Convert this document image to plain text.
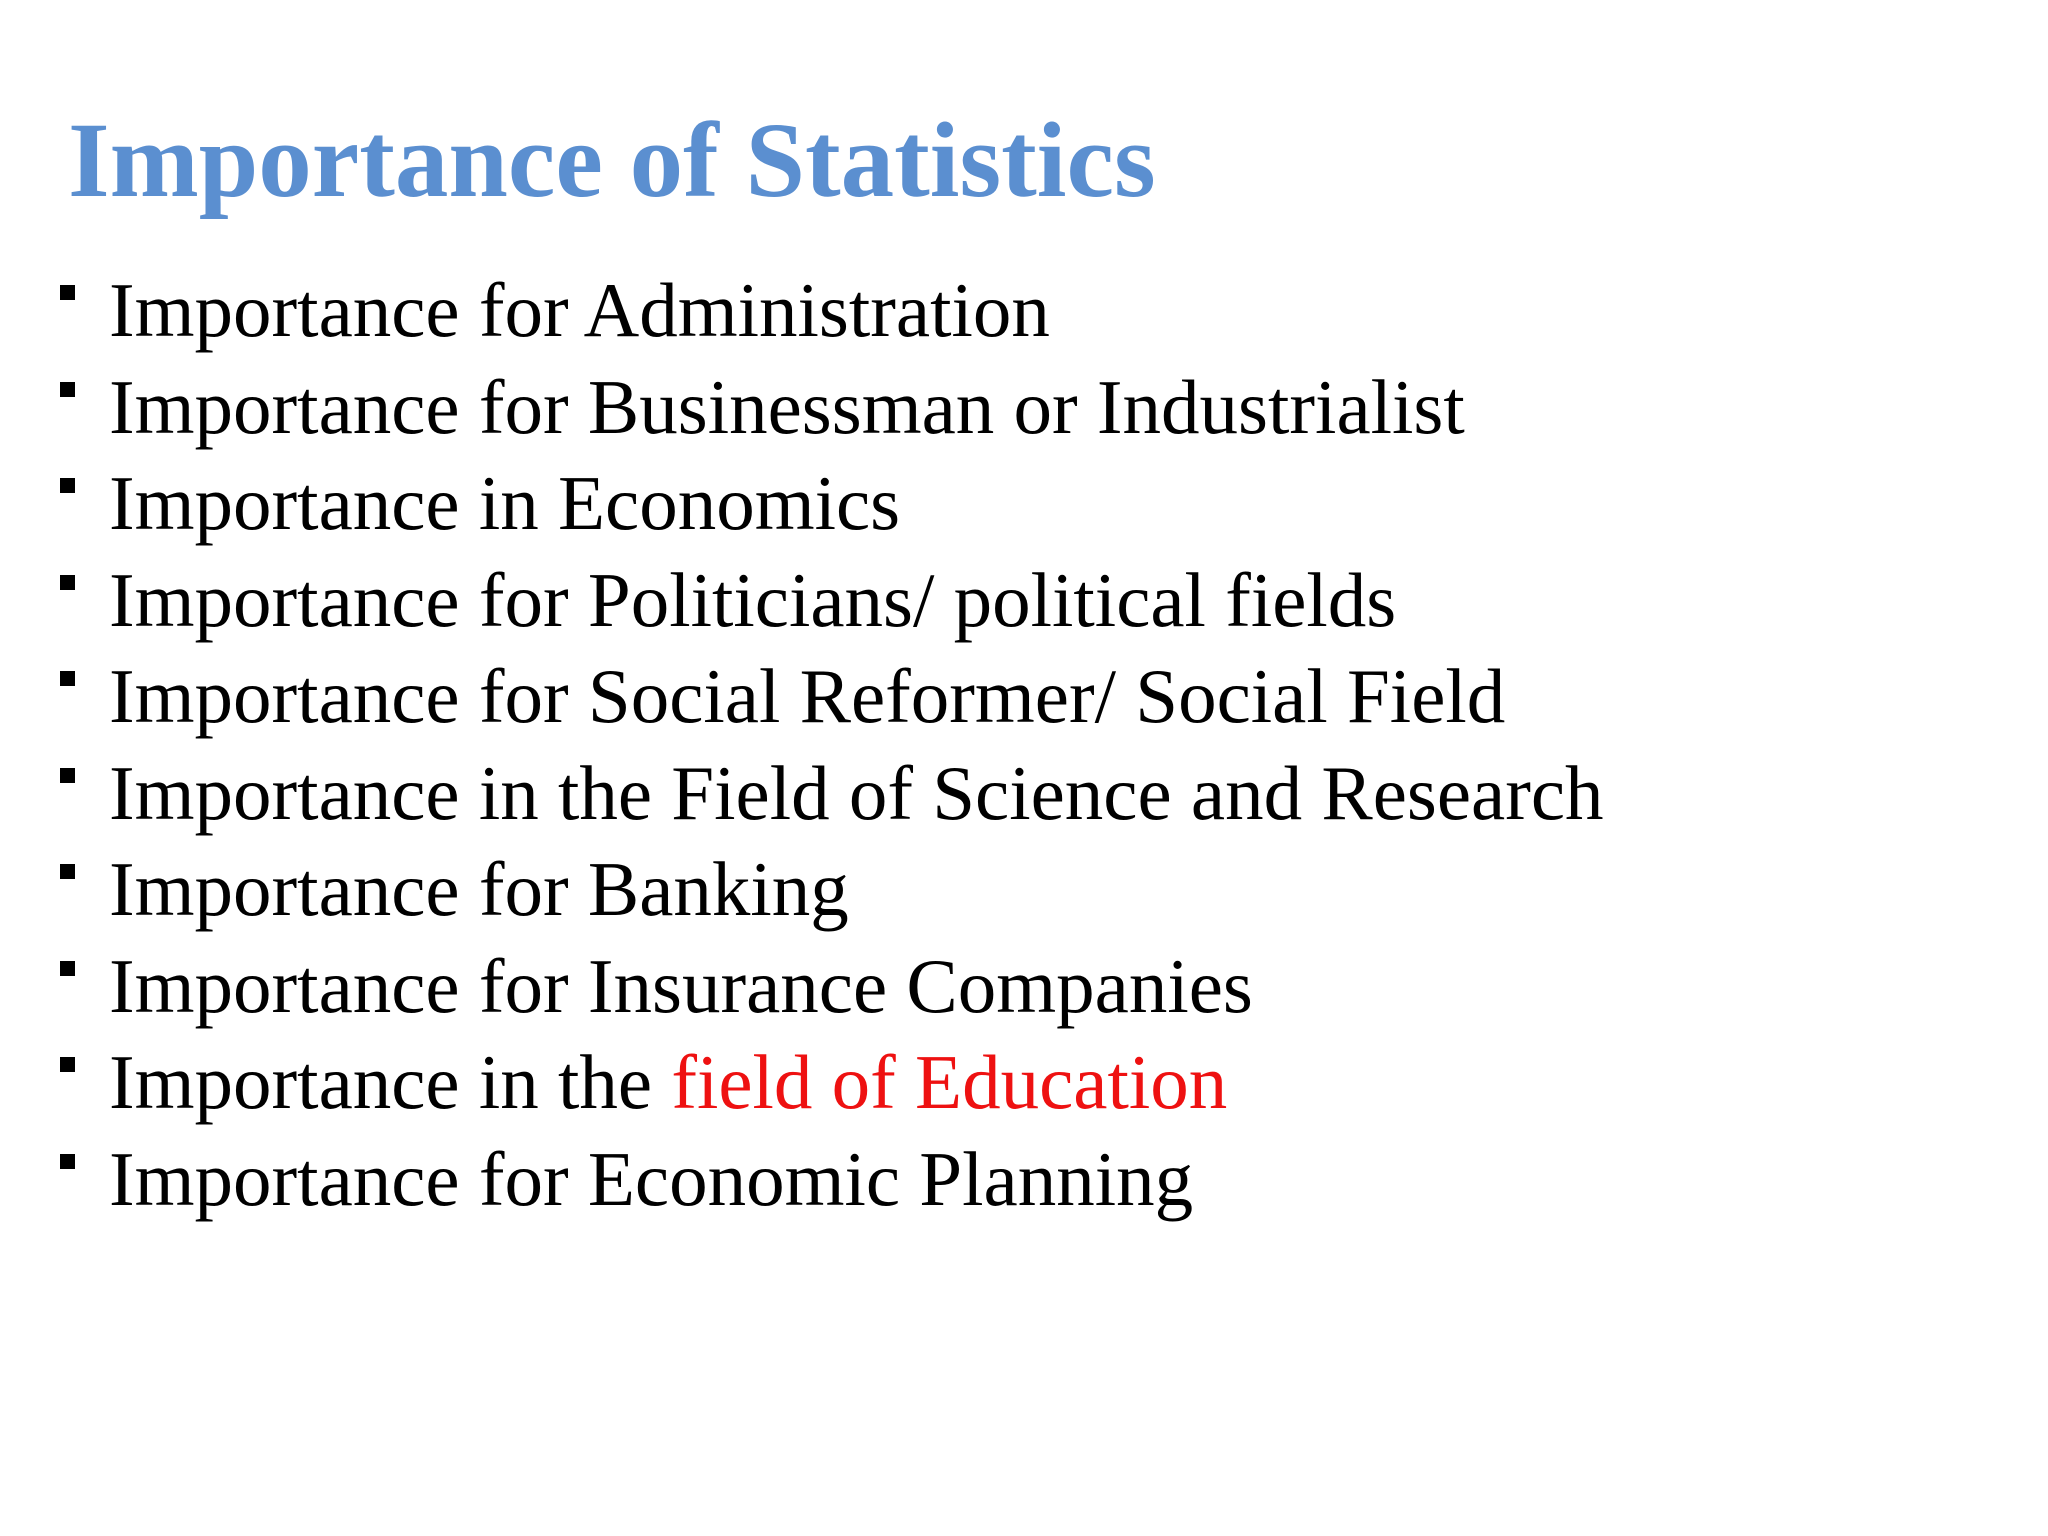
Importance of Statistics
Importance for Administration
Importance for Businessman or Industrialist
Importance in Economics
Importance for Politicians/ political fields
Importance for Social Reformer/ Social Field
Importance in the Field of Science and Research
Importance for Banking
Importance for Insurance Companies
Importance in the field of Education
Importance for Economic Planning
